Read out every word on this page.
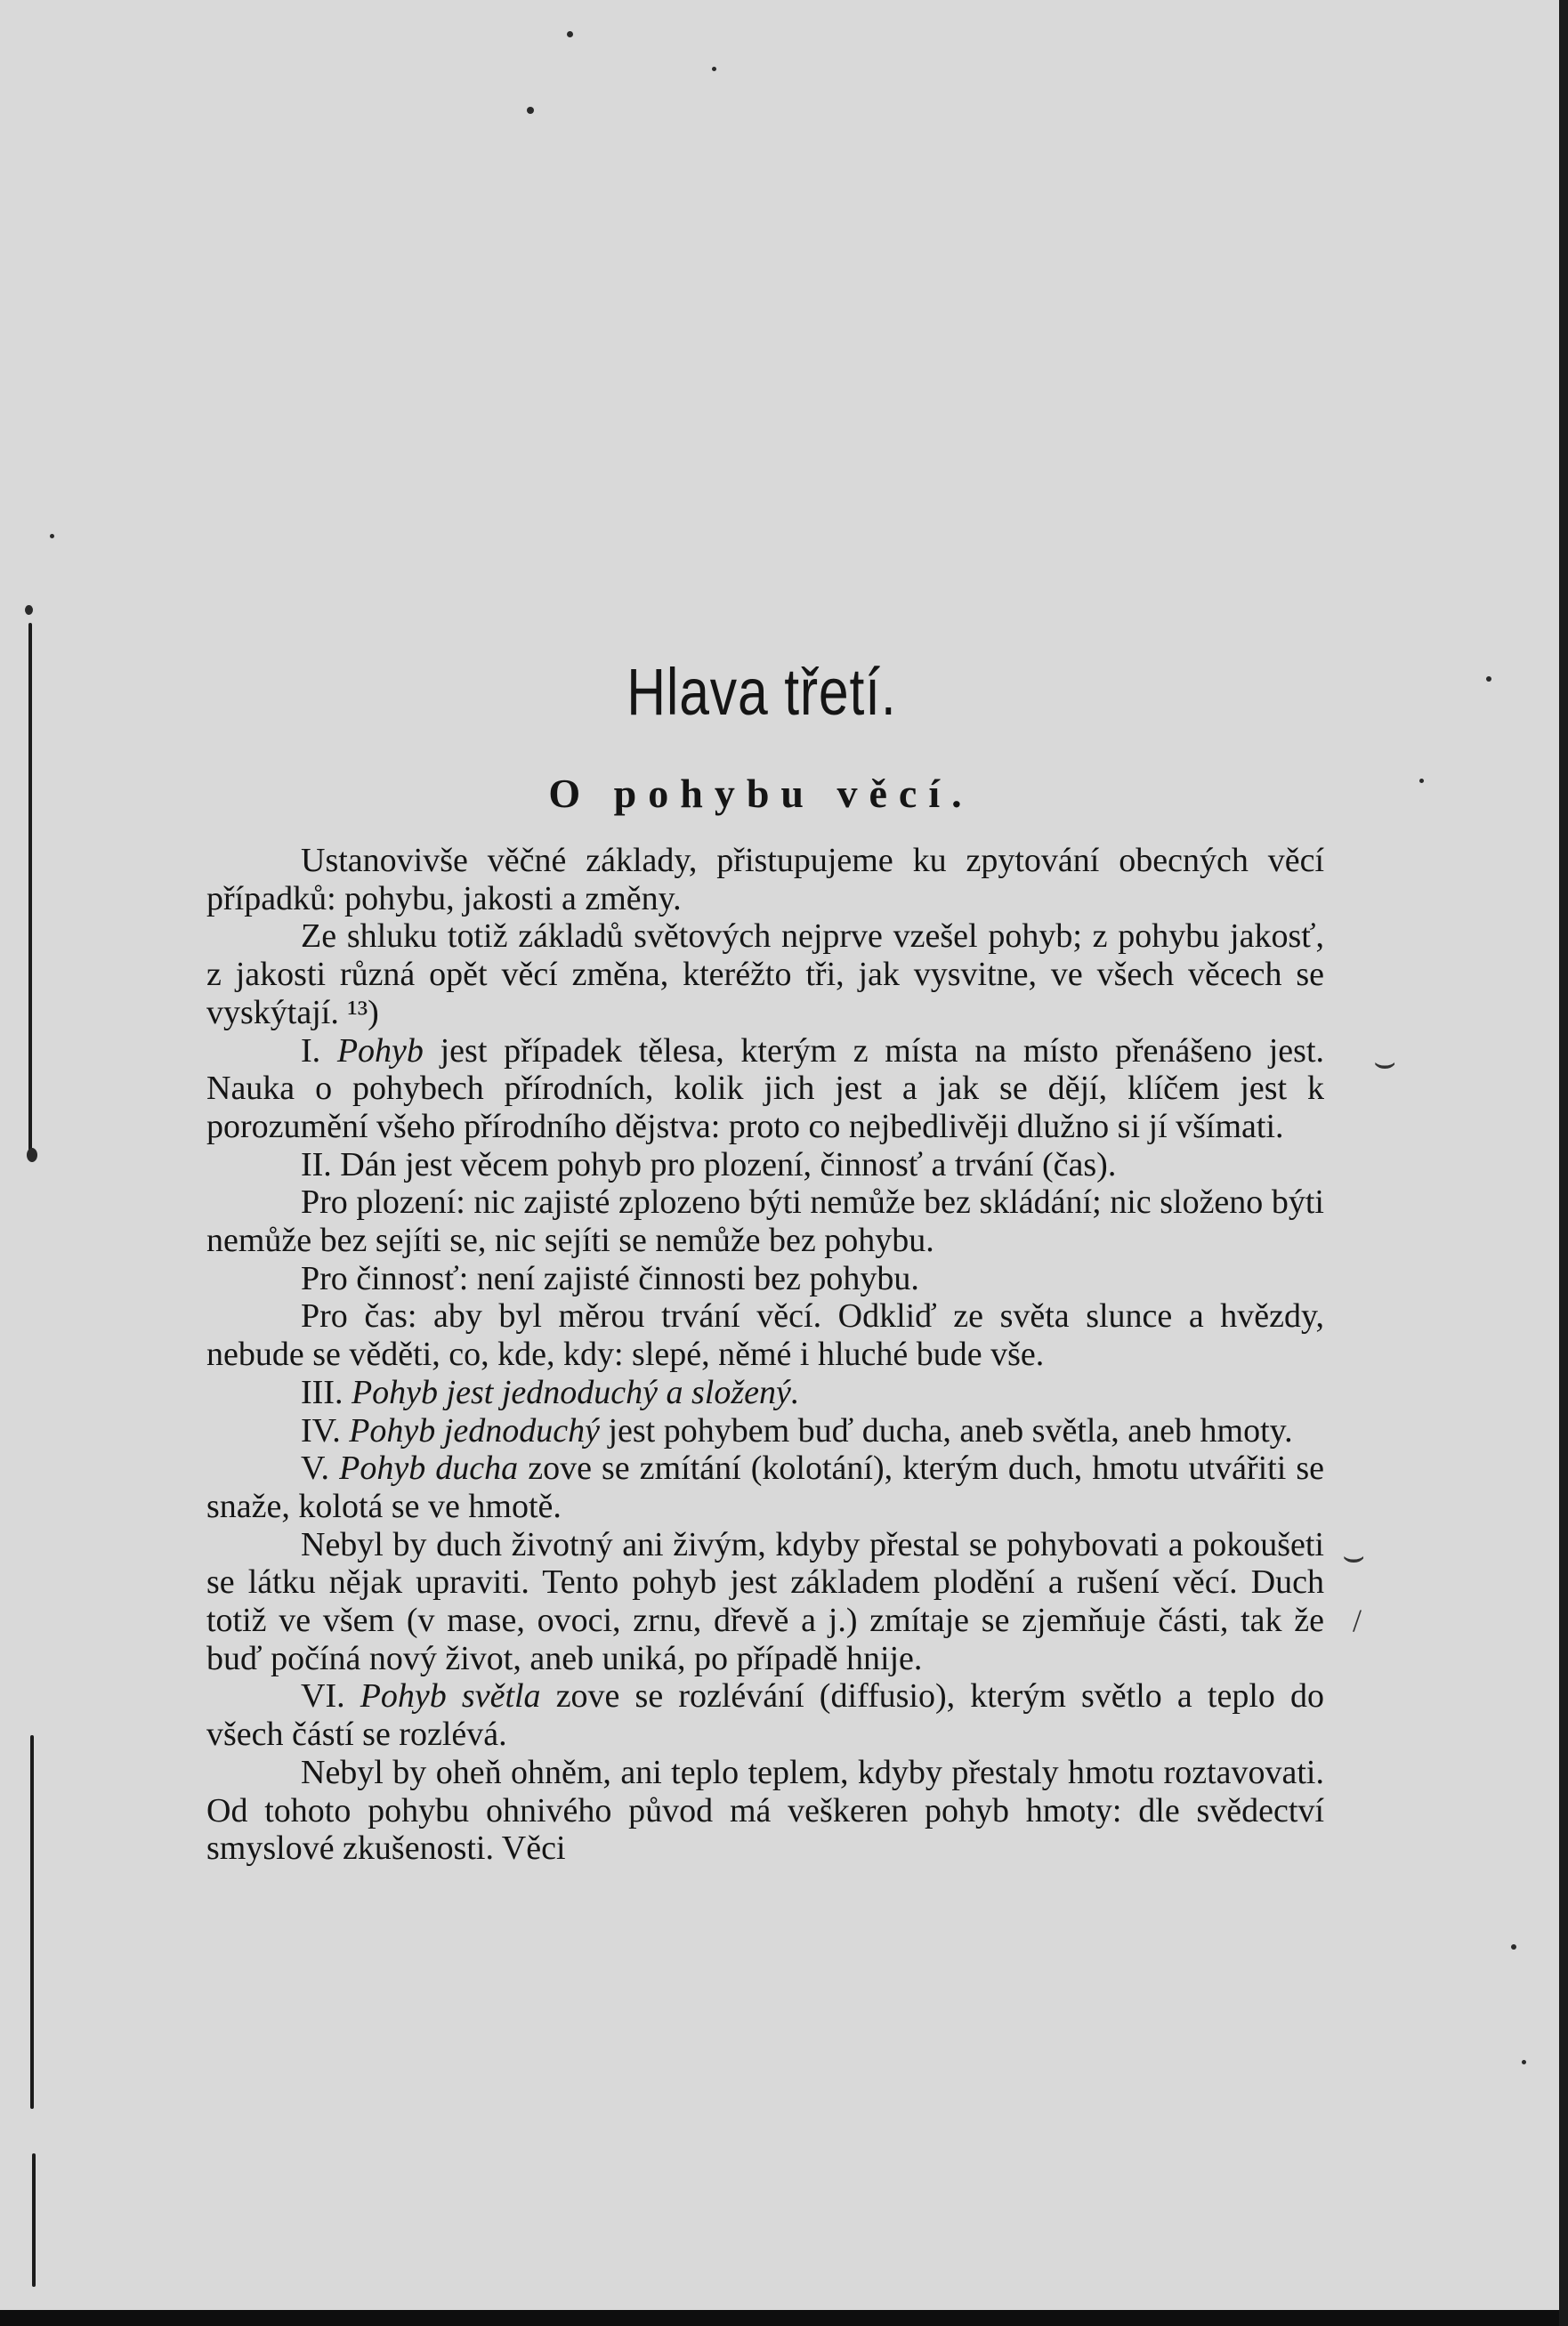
⌣
⌣
/
Hlava třetí.
O pohybu věcí.

Ustanovivše věčné základy, přistupujeme ku zpytování obecných věcí případků: pohybu, jakosti a změny.

Ze shluku totiž základů světových nejprve vzešel pohyb; z pohybu jakosť, z jakosti různá opět věcí změna, kteréžto tři, jak vysvitne, ve všech věcech se vyskýtají. ¹³)

I. Pohyb jest případek tělesa, kterým z místa na místo přenášeno jest. Nauka o pohybech přírodních, kolik jich jest a jak se dějí, klíčem jest k porozumění všeho přírodního dějstva: proto co nejbedlivěji dlužno si jí všímati.

II. Dán jest věcem pohyb pro plození, činnosť a trvání (čas).

Pro plození: nic zajisté zplozeno býti nemůže bez skládání; nic složeno býti nemůže bez sejíti se, nic sejíti se nemůže bez pohybu.

Pro činnosť: není zajisté činnosti bez pohybu.

Pro čas: aby byl měrou trvání věcí. Odkliď ze světa slunce a hvězdy, nebude se věděti, co, kde, kdy: slepé, němé i hluché bude vše.

III. Pohyb jest jednoduchý a složený.

IV. Pohyb jednoduchý jest pohybem buď ducha, aneb světla, aneb hmoty.

V. Pohyb ducha zove se zmítání (kolotání), kterým duch, hmotu utvářiti se snaže, kolotá se ve hmotě.

Nebyl by duch životný ani živým, kdyby přestal se pohybovati a pokoušeti se látku nějak upraviti. Tento pohyb jest základem plodění a rušení věcí. Duch totiž ve všem (v mase, ovoci, zrnu, dřevě a j.) zmítaje se zjemňuje části, tak že buď počíná nový život, aneb uniká, po případě hnije.

VI. Pohyb světla zove se rozlévání (diffusio), kterým světlo a teplo do všech částí se rozlévá.

Nebyl by oheň ohněm, ani teplo teplem, kdyby přestaly hmotu roztavovati. Od tohoto pohybu ohnivého původ má veškeren pohyb hmoty: dle svědectví smyslové zkušenosti. Věci
